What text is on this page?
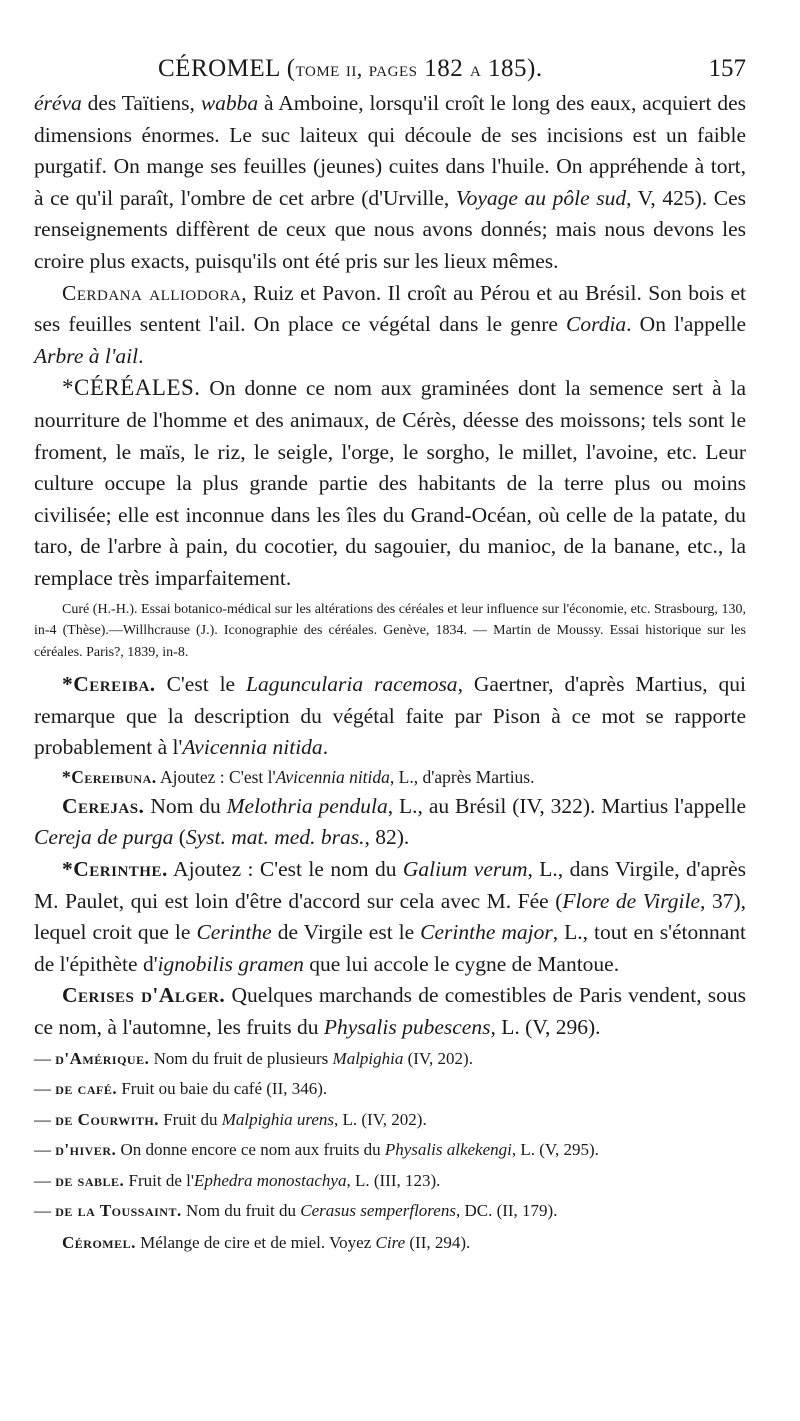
CÉROMEL (tome ii, pages 182 a 185).	157

éréva des Taïtiens, wabba à Amboine, lorsqu'il croît le long des eaux, acquiert des dimensions énormes. Le suc laiteux qui découle de ses incisions est un faible purgatif. On mange ses feuilles (jeunes) cuites dans l'huile. On appréhende à tort, à ce qu'il paraît, l'ombre de cet arbre (d'Urville, Voyage au pôle sud, V, 425). Ces renseignements diffèrent de ceux que nous avons donnés; mais nous devons les croire plus exacts, puisqu'ils ont été pris sur les lieux mêmes.

Cerdana alliodora, Ruiz et Pavon. Il croît au Pérou et au Brésil. Son bois et ses feuilles sentent l'ail. On place ce végétal dans le genre Cordia. On l'appelle Arbre à l'ail.

*CÉRÉALES. On donne ce nom aux graminées dont la semence sert à la nourriture de l'homme et des animaux, de Cérès, déesse des moissons; tels sont le froment, le maïs, le riz, le seigle, l'orge, le sorgho, le millet, l'avoine, etc. Leur culture occupe la plus grande partie des habitants de la terre plus ou moins civilisée; elle est inconnue dans les îles du Grand-Océan, où celle de la patate, du taro, de l'arbre à pain, du cocotier, du sagouier, du manioc, de la banane, etc., la remplace très imparfaitement.

Curé (H.-H.). Essai botanico-médical sur les altérations des céréales et leur influence sur l'économie, etc. Strasbourg, 130, in-4 (Thèse).—Willhcrause (J.). Iconographie des céréales. Genève, 1834. — Martin de Moussy. Essai historique sur les céréales. Paris?, 1839, in-8.

*Cereiba. C'est le Laguncularia racemosa, Gaertner, d'après Martius, qui remarque que la description du végétal faite par Pison à ce mot se rapporte probablement à l'Avicennia nitida.

*Cereibuna. Ajoutez : C'est l'Avicennia nitida, L., d'après Martius.

Cerejas. Nom du Melothria pendula, L., au Brésil (IV, 322). Martius l'appelle Cereja de purga (Syst. mat. med. bras., 82).

*Cerinthe. Ajoutez : C'est le nom du Galium verum, L., dans Virgile, d'après M. Paulet, qui est loin d'être d'accord sur cela avec M. Fée (Flore de Virgile, 37), lequel croit que le Cerinthe de Virgile est le Cerinthe major, L., tout en s'étonnant de l'épithète d'ignobilis gramen que lui accole le cygne de Mantoue.

Cerises d'Alger. Quelques marchands de comestibles de Paris vendent, sous ce nom, à l'automne, les fruits du Physalis pubescens, L. (V, 296).

— d'Amérique. Nom du fruit de plusieurs Malpighia (IV, 202).

— de café. Fruit ou baie du café (II, 346).

— de Courwith. Fruit du Malpighia urens, L. (IV, 202).

— d'hiver. On donne encore ce nom aux fruits du Physalis alkekengi, L. (V, 295).

— de sable. Fruit de l'Ephedra monostachya, L. (III, 123).

— de la Toussaint. Nom du fruit du Cerasus semperflorens, DC. (II, 179).

Céromel. Mélange de cire et de miel. Voyez Cire (II, 294).
